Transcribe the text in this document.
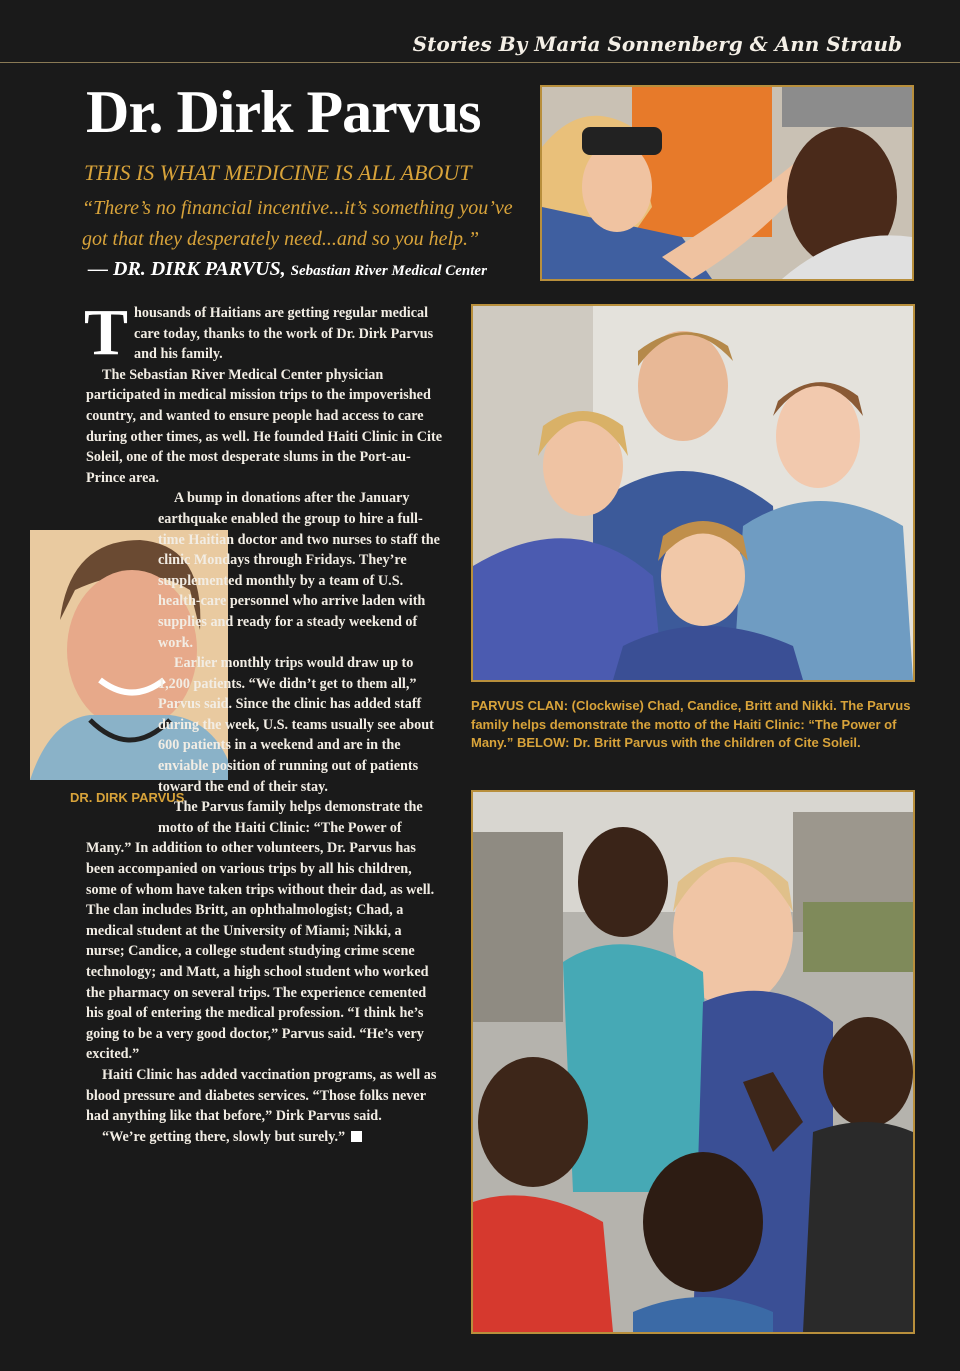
Stories By Maria Sonnenberg & Ann Straub
Dr. Dirk Parvus
THIS IS WHAT MEDICINE IS ALL ABOUT
“There’s no financial incentive...it’s something you’ve got that they desperately need...and so you help.”
— DR. DIRK PARVUS, Sebastian River Medical Center
DR. DIRK PARVUS
PARVUS CLAN: (Clockwise) Chad, Candice, Britt and Nikki. The Parvus family helps demonstrate the motto of the Haiti Clinic: “The Power of Many.” BELOW: Dr. Britt Parvus with the children of Cite Soleil.

Thousands of Haitians are getting regular medical care today, thanks to the work of Dr. Dirk Parvus and his family.

The Sebastian River Medical Center physician participated in medical mission trips to the impoverished country, and wanted to ensure people had access to care during other times, as well. He founded Haiti Clinic in Cite Soleil, one of the most desperate slums in the Port-au-Prince area.

A bump in donations after the January earthquake enabled the group to hire a full-time Haitian doctor and two nurses to staff the clinic Mondays through Fridays. They’re supplemented monthly by a team of U.S. health-care personnel who arrive laden with supplies and ready for a steady weekend of work.

Earlier monthly trips would draw up to 1,200 patients. “We didn’t get to them all,” Parvus said. Since the clinic has added staff during the week, U.S. teams usually see about 600 patients in a weekend and are in the enviable position of running out of patients toward the end of their stay.

The Parvus family helps demonstrate the motto of the Haiti Clinic: “The Power of Many.” In addition to other volunteers, Dr. Parvus has been accompanied on various trips by all his children, some of whom have taken trips without their dad, as well. The clan includes Britt, an ophthalmologist; Chad, a medical student at the University of Miami; Nikki, a nurse; Candice, a college student studying crime scene technology; and Matt, a high school student who worked the pharmacy on several trips. The experience cemented his goal of entering the medical profession. “I think he’s going to be a very good doctor,” Parvus said. “He’s very excited.”

Haiti Clinic has added vaccination programs, as well as blood pressure and diabetes services. “Those folks never had anything like that before,” Dirk Parvus said.

“We’re getting there, slowly but surely.”
